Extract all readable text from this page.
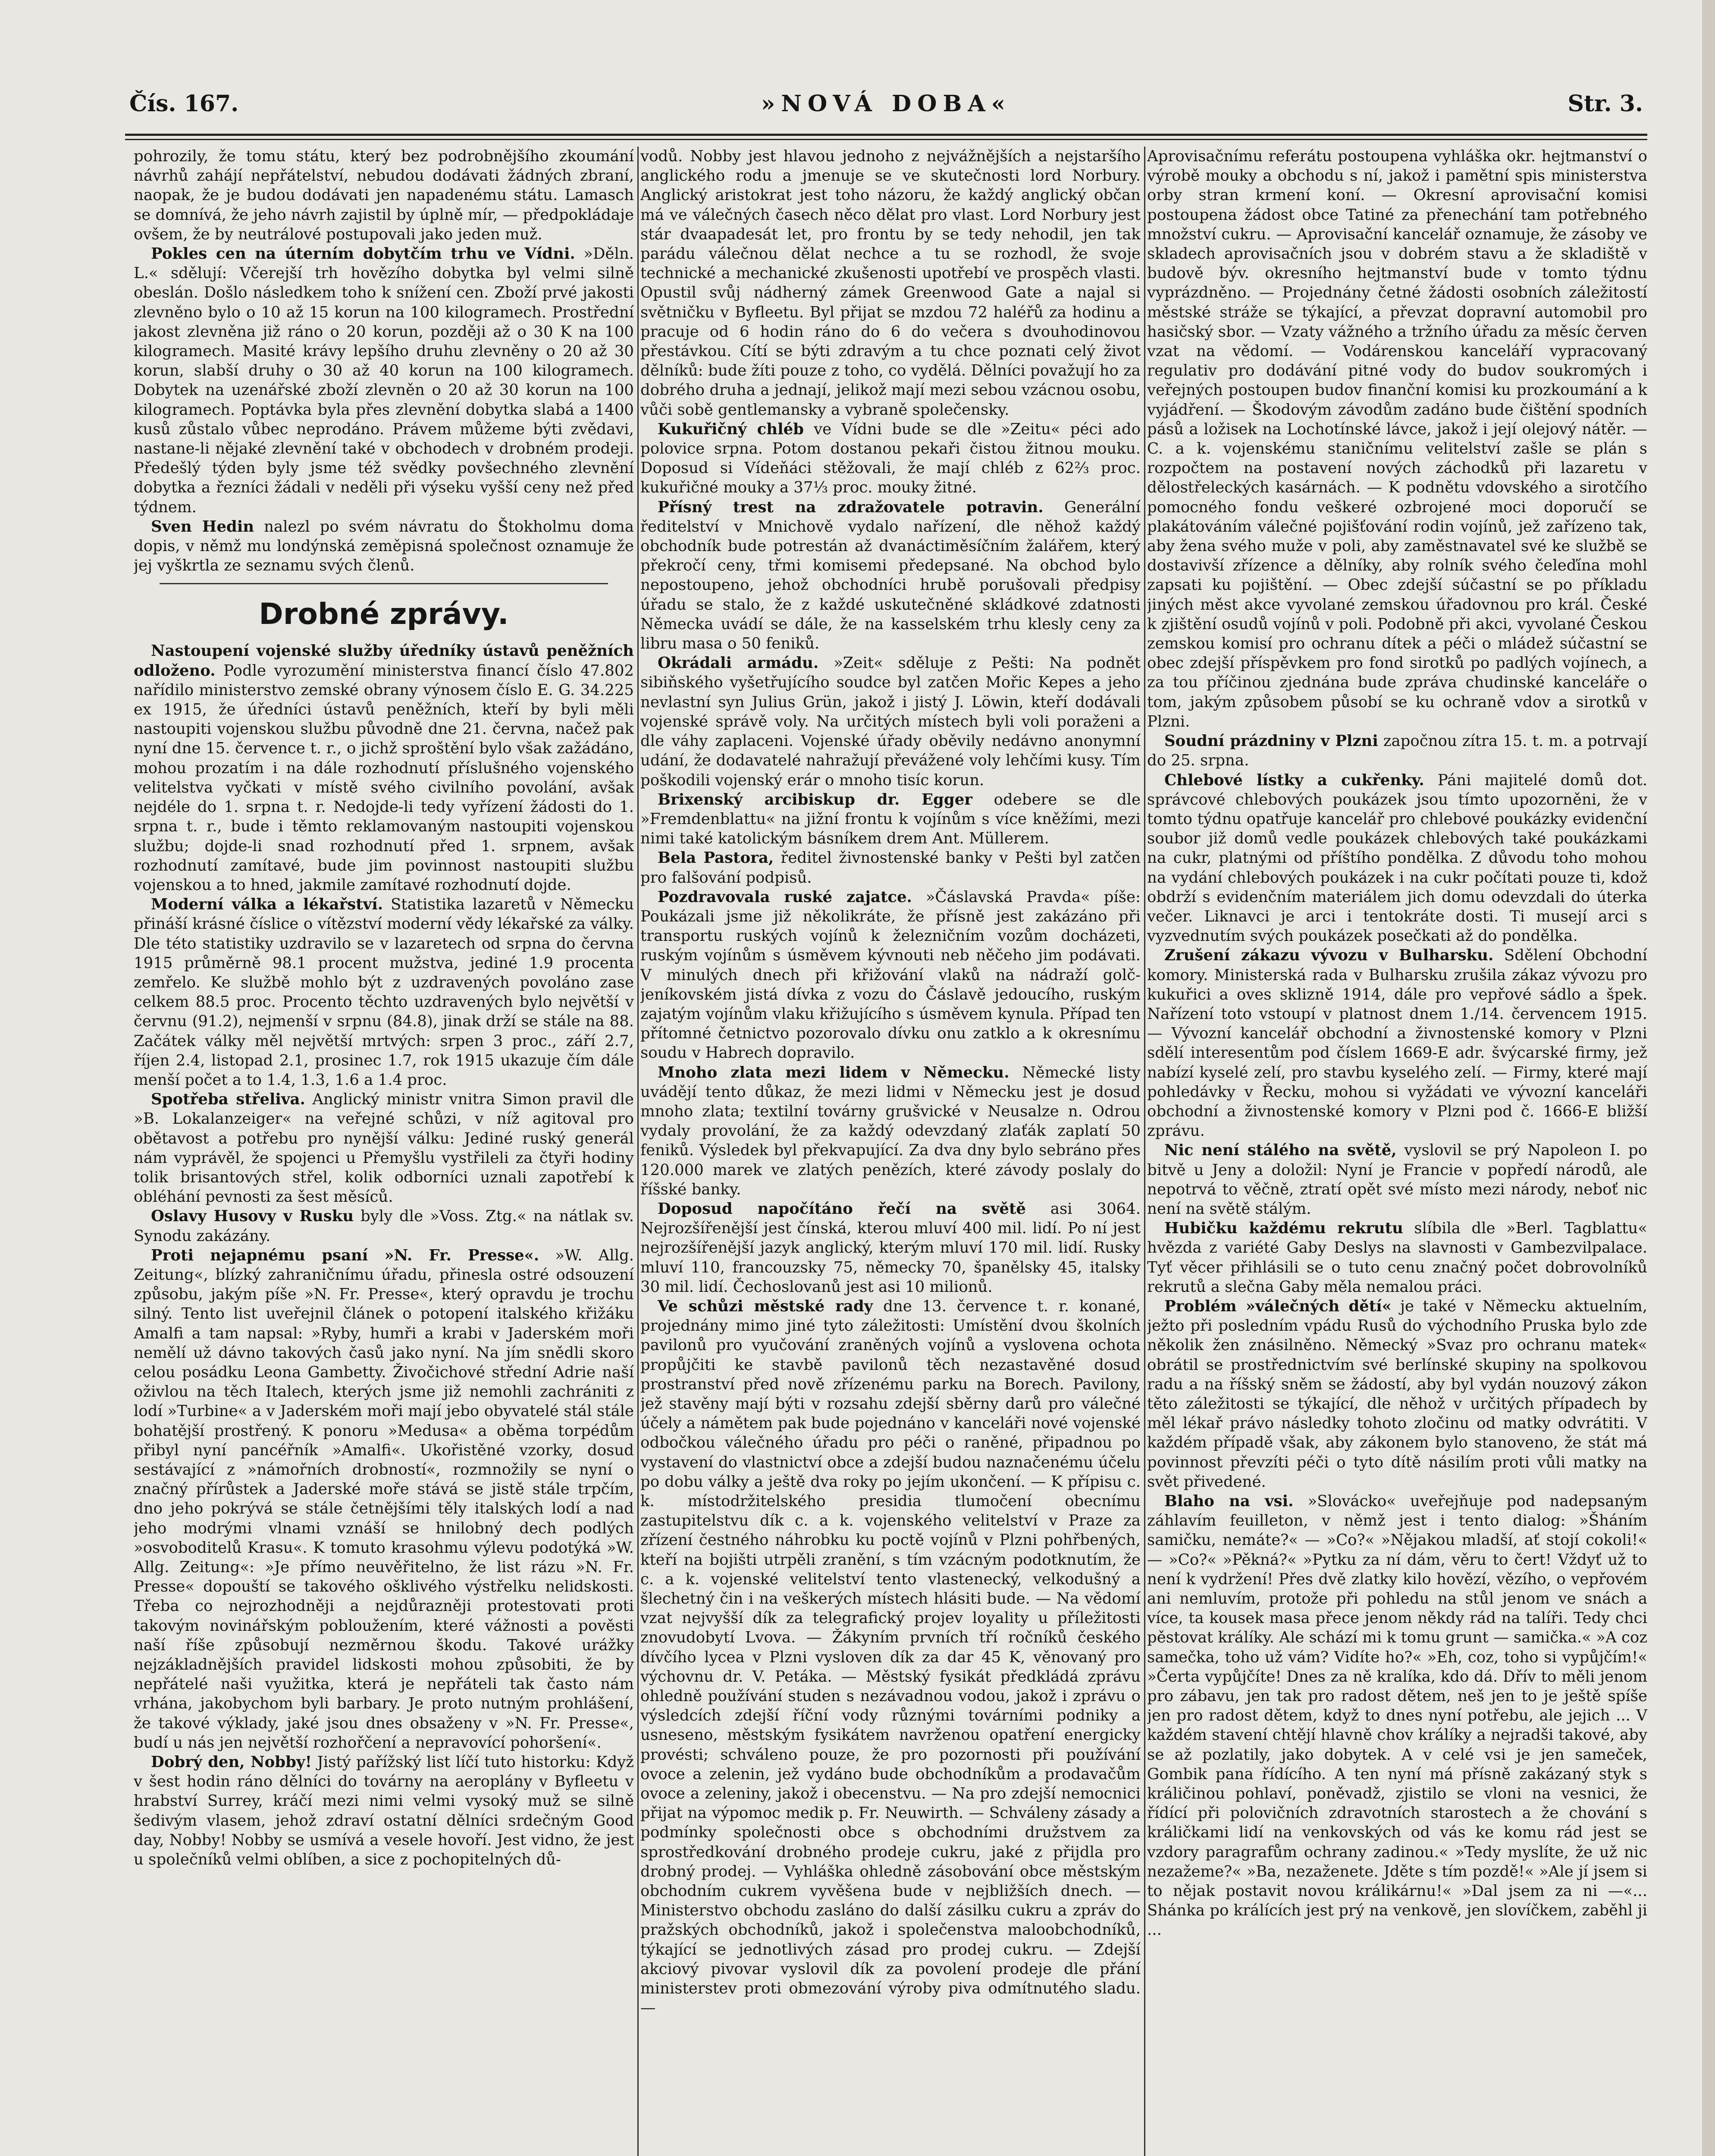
»NOVÁ DOBA«
Čís. 167.	Str. 3.

pohrozily, že tomu státu, který bez podrobnějšího zkoumání návrhů zahájí nepřátelství, nebudou dodávati žádných zbraní, naopak, že je budou dodávati jen napadenému státu. Lamasch se domnívá, že jeho návrh zajistil by úplně mír, — předpokládaje ovšem, že by neutrálové postupovali jako jeden muž.

Pokles cen na úterním dobytčím trhu ve Vídni. »Děln. L.« sdělují: Včerejší trh hovězího dobytka byl velmi silně obeslán. Došlo následkem toho k snížení cen. Zboží prvé jakosti zlevněno bylo o 10 až 15 korun na 100 kilogramech. Prostřední jakost zlevněna již ráno o 20 korun, později až o 30 K na 100 kilogramech. Masité krávy lepšího druhu zlevněny o 20 až 30 korun, slabší druhy o 30 až 40 korun na 100 kilogramech. Dobytek na uzenářské zboží zlevněn o 20 až 30 korun na 100 kilogramech. Poptávka byla přes zlevnění dobytka slabá a 1400 kusů zůstalo vůbec neprodáno. Právem můžeme býti zvědavi, nastane-li nějaké zlevnění také v obchodech v drobném prodeji. Předešlý týden byly jsme též svědky povšechného zlevnění dobytka a řezníci žádali v neděli při výseku vyšší ceny než před týdnem.

Sven Hedin nalezl po svém návratu do Štokholmu doma dopis, v němž mu londýnská zeměpisná společnost oznamuje že jej vyškrtla ze seznamu svých členů.

Drobné zprávy.

Nastoupení vojenské služby úředníky ústavů peněžních odloženo. Podle vyrozumění ministerstva financí číslo 47.802 nařídilo ministerstvo zemské obrany výnosem číslo E. G. 34.225 ex 1915, že úředníci ústavů peněžních, kteří by byli měli nastoupiti vojenskou službu původně dne 21. června, načež pak nyní dne 15. července t. r., o jichž sproštění bylo však zažádáno, mohou prozatím i na dále rozhodnutí příslušného vojenského velitelstva vyčkati v místě svého civilního povolání, avšak nejdéle do 1. srpna t. r. Nedojde-li tedy vyřízení žádosti do 1. srpna t. r., bude i těmto reklamovaným nastoupiti vojenskou službu; dojde-li snad rozhodnutí před 1. srpnem, avšak rozhodnutí zamítavé, bude jim povinnost nastoupiti službu vojenskou a to hned, jakmile zamítavé rozhodnutí dojde.

Moderní válka a lékařství. Statistika lazaretů v Německu přináší krásné číslice o vítězství moderní vědy lékařské za války. Dle této statistiky uzdravilo se v lazaretech od srpna do června 1915 průměrně 98.1 procent mužstva, jediné 1.9 procenta zemřelo. Ke službě mohlo být z uzdravených povoláno zase celkem 88.5 proc. Procento těchto uzdravených bylo největší v červnu (91.2), nejmenší v srpnu (84.8), jinak drží se stále na 88. Začátek války měl největší mrtvých: srpen 3 proc., září 2.7, říjen 2.4, listopad 2.1, prosinec 1.7, rok 1915 ukazuje čím dále menší počet a to 1.4, 1.3, 1.6 a 1.4 proc.

Spotřeba střeliva. Anglický ministr vnitra Simon pravil dle »B. Lokalanzeiger« na veřejné schůzi, v níž agitoval pro obětavost a potřebu pro nynější válku: Jediné ruský generál nám vyprávěl, že spojenci u Přemyšlu vystřileli za čtyři hodiny tolik brisantových střel, kolik odborníci uznali zapotřebí k obléhání pevnosti za šest měsíců.

Oslavy Husovy v Rusku byly dle »Voss. Ztg.« na nátlak sv. Synodu zakázány.

Proti nejapnému psaní »N. Fr. Presse«. »W. Allg. Zeitung«, blízký zahraničnímu úřadu, přinesla ostré odsouzení způsobu, jakým píše »N. Fr. Presse«, který opravdu je trochu silný. Tento list uveřejnil článek o potopení italského křižáku Amalfi a tam napsal: »Ryby, humři a krabi v Jaderském moři nemělí už dávno takových časů jako nyní. Na jím snědli skoro celou posádku Leona Gambetty. Živočichové střední Adrie naší oživlou na těch Italech, kterých jsme již nemohli zachrániti z lodí »Turbine« a v Jaderském moři mají jebo obyvatelé stál stále bohatější prostřený. K ponoru »Medusa« a oběma torpédům přibyl nyní pancéřník »Amalfi«. Ukořistěné vzorky, dosud sestávající z »námořních drobností«, rozmnožily se nyní o značný přírůstek a Jaderské moře stává se jistě stále trpčím, dno jeho pokrývá se stále četnějšími těly italských lodí a nad jeho modrými vlnami vznáší se hnilobný dech podlých »osvoboditelů Krasu«. K tomuto krasohmu výlevu podotýká »W. Allg. Zeitung«: »Je přímo neuvěřitelno, že list rázu »N. Fr. Presse« dopouští se takového ošklivého výstřelku nelidskosti. Třeba co nejrozhodněji a nejdůrazněji protestovati proti takovým novinářským pobloužením, které vážnosti a pověsti naší říše způsobují nezměrnou škodu. Takové urážky nejzákladnějších pravidel lidskosti mohou způsobiti, že by nepřátelé naši využitka, která je nepřáteli tak často nám vrhána, jakobychom byli barbary. Je proto nutným prohlášení, že takové výklady, jaké jsou dnes obsaženy v »N. Fr. Presse«, budí u nás jen největší rozhořčení a nepravovící pohoršení«.

Dobrý den, Nobby! Jistý pařížský list líčí tuto historku: Když v šest hodin ráno dělníci do továrny na aeroplány v Byfleetu v hrabství Surrey, kráčí mezi nimi velmi vysoký muž se silně šedivým vlasem, jehož zdraví ostatní dělníci srdečným Good day, Nobby! Nobby se usmívá a vesele hovoří. Jest vidno, že jest u společníků velmi oblíben, a sice z pochopitelných dů-

vodů. Nobby jest hlavou jednoho z nejvážnějších a nejstaršího anglického rodu a jmenuje se ve skutečnosti lord Norbury. Anglický aristokrat jest toho názoru, že každý anglický občan má ve válečných časech něco dělat pro vlast. Lord Norbury jest stár dvaapadesát let, pro frontu by se tedy nehodil, jen tak parádu válečnou dělat nechce a tu se rozhodl, že svoje technické a mechanické zkušenosti upotřebí ve prospěch vlasti. Opustil svůj nádherný zámek Greenwood Gate a najal si světničku v Byfleetu. Byl přijat se mzdou 72 haléřů za hodinu a pracuje od 6 hodin ráno do 6 do večera s dvouhodinovou přestávkou. Cítí se býti zdravým a tu chce poznati celý život dělníků: bude žíti pouze z toho, co vydělá. Dělníci považují ho za dobrého druha a jednají, jelikož mají mezi sebou vzácnou osobu, vůči sobě gentlemansky a vybraně společensky.

Kukuřičný chléb ve Vídni bude se dle »Zeitu« péci ado polovice srpna. Potom dostanou pekaři čistou žitnou mouku. Doposud si Vídeňáci stěžovali, že mají chléb z 62⅔ proc. kukuřičné mouky a 37⅓ proc. mouky žitné.

Přísný trest na zdražovatele potravin. Generální ředitelství v Mnichově vydalo nařízení, dle něhož každý obchodník bude potrestán až dvanáctiměsíčním žalářem, který překročí ceny, třmi komisemi předepsané. Na obchod bylo nepostoupeno, jehož obchodníci hrubě porušovali předpisy úřadu se stalo, že z každé uskutečněné skládkové zdatnosti Německa uvádí se dále, že na kasselském trhu klesly ceny za libru masa o 50 feniků.

Okrádali armádu. »Zeit« sděluje z Pešti: Na podnět sibiňského vyšetřujícího soudce byl zatčen Mořic Kepes a jeho nevlastní syn Julius Grün, jakož i jistý J. Löwin, kteří dodávali vojenské správě voly. Na určitých místech byli voli poraženi a dle váhy zaplaceni. Vojenské úřady oběvily nedávno anonymní udání, že dodavatelé nahražují převážené voly lehčími kusy. Tím poškodili vojenský erár o mnoho tisíc korun.

Brixenský arcibiskup dr. Egger odebere se dle »Fremdenblattu« na jižní frontu k vojínům s více kněžími, mezi nimi také katolickým básníkem drem Ant. Müllerem.

Bela Pastora, ředitel živnostenské banky v Pešti byl zatčen pro falšování podpisů.

Pozdravovala ruské zajatce. »Čáslavská Pravda« píše: Poukázali jsme již několikráte, že přísně jest zakázáno při transportu ruských vojínů k železničním vozům docházeti, ruským vojínům s úsměvem kývnouti neb něčeho jim podávati. V minulých dnech při křižování vlaků na nádraží golč-jeníkovském jistá dívka z vozu do Čáslavě jedoucího, ruským zajatým vojínům vlaku křižujícího s úsměvem kynula. Případ ten přítomné četnictvo pozorovalo dívku onu zatklo a k okresnímu soudu v Habrech dopravilo.

Mnoho zlata mezi lidem v Německu. Německé listy uvádějí tento důkaz, že mezi lidmi v Německu jest je dosud mnoho zlata; textilní továrny grušvické v Neusalze n. Odrou vydaly provolání, že za každý odevzdaný zlaťák zaplatí 50 feniků. Výsledek byl překvapující. Za dva dny bylo sebráno přes 120.000 marek ve zlatých penězích, které závody poslaly do říšské banky.

Doposud napočítáno řečí na světě asi 3064. Nejrozšířenější jest čínská, kterou mluví 400 mil. lidí. Po ní jest nejrozšířenější jazyk anglický, kterým mluví 170 mil. lidí. Rusky mluví 110, francouzsky 75, německy 70, španělsky 45, italsky 30 mil. lidí. Čechoslovanů jest asi 10 milionů.

Ve schůzi městské rady dne 13. července t. r. konané, projednány mimo jiné tyto záležitosti: Umístění dvou školních pavilonů pro vyučování zraněných vojínů a vyslovena ochota propůjčiti ke stavbě pavilonů těch nezastavěné dosud prostranství před nově zřízenému parku na Borech. Pavilony, jež stavěny mají býti v rozsahu zdejší sběrny darů pro válečné účely a námětem pak bude pojednáno v kanceláři nové vojenské odbočkou válečného úřadu pro péči o raněné, připadnou po vystavení do vlastnictví obce a zdejší budou naznačenému účelu po dobu války a ještě dva roky po jejím ukončení. — K přípisu c. k. místodržitelského presidia tlumočení obecnímu zastupitelstvu dík c. a k. vojenského velitelství v Praze za zřízení čestného náhrobku ku poctě vojínů v Plzni pohřbených, kteří na bojišti utrpěli zranění, s tím vzácným podotknutím, že c. a k. vojenské velitelství tento vlastenecký, velkodušný a šlechetný čin i na veškerých místech hlásiti bude. — Na vědomí vzat nejvyšší dík za telegrafický projev loyality u příležitosti znovudobytí Lvova. — Žákyním prvních tří ročníků českého dívčího lycea v Plzni vysloven dík za dar 45 K, věnovaný pro výchovnu dr. V. Petáka. — Městský fysikát předkládá zprávu ohledně používání studen s nezávadnou vodou, jakož i zprávu o výsledcích zdejší říční vody různými továrními podniky a usneseno, městským fysikátem navrženou opatření energicky provésti; schváleno pouze, že pro pozornosti při používání ovoce a zelenin, jež vydáno bude obchodníkům a prodavačům ovoce a zeleniny, jakož i obecenstvu. — Na pro zdejší nemocnici přijat na výpomoc medik p. Fr. Neuwirth. — Schváleny zásady a podmínky společnosti obce s obchodními družstvem za sprostředkování drobného prodeje cukru, jaké z přijdla pro drobný prodej. — Vyhláška ohledně zásobování obce městským obchodním cukrem vyvěšena bude v nejbližších dnech. — Ministerstvo obchodu zasláno do další zásilku cukru a zpráv do pražských obchodníků, jakož i společenstva maloobchodníků, týkající se jednotlivých zásad pro prodej cukru. — Zdejší akciový pivovar vyslovil dík za povolení prodeje dle přání ministerstev proti obmezování výroby piva odmítnutého sladu. —

Aprovisačnímu referátu postoupena vyhláška okr. hejtmanství o výrobě mouky a obchodu s ní, jakož i pamětní spis ministerstva orby stran krmení koní. — Okresní aprovisační komisi postoupena žádost obce Tatiné za přenechání tam potřebného množství cukru. — Aprovisační kancelář oznamuje, že zásoby ve skladech aprovisačních jsou v dobrém stavu a že skladiště v budově býv. okresního hejtmanství bude v tomto týdnu vyprázdněno. — Projednány četné žádosti osobních záležitostí městské stráže se týkající, a převzat dopravní automobil pro hasičský sbor. — Vzaty vážného a tržního úřadu za měsíc červen vzat na vědomí. — Vodárenskou kanceláří vypracovaný regulativ pro dodávání pitné vody do budov soukromých i veřejných postoupen budov finanční komisi ku prozkoumání a k vyjádření. — Škodovým závodům zadáno bude čištění spodních pásů a ložisek na Lochotínské lávce, jakož i její olejový nátěr. — C. a k. vojenskému staničnímu velitelství zašle se plán s rozpočtem na postavení nových záchodků při lazaretu v dělostřeleckých kasárnách. — K podnětu vdovského a sirotčího pomocného fondu veškeré ozbrojené moci doporučí se plakátováním válečné pojišťování rodin vojínů, jež zařízeno tak, aby žena svého muže v poli, aby zaměstnavatel své ke službě se dostavivší zřízence a dělníky, aby rolník svého čeleďína mohl zapsati ku pojištění. — Obec zdejší súčastní se po příkladu jiných měst akce vyvolané zemskou úřadovnou pro král. České k zjištění osudů vojínů v poli. Podobně při akci, vyvolané Českou zemskou komisí pro ochranu dítek a péči o mládež súčastní se obec zdejší příspěvkem pro fond sirotků po padlých vojínech, a za tou příčinou zjednána bude zpráva chudinské kanceláře o tom, jakým způsobem působí se ku ochraně vdov a sirotků v Plzni.

Soudní prázdniny v Plzni započnou zítra 15. t. m. a potrvají do 25. srpna.

Chlebové lístky a cukřenky. Páni majitelé domů dot. správcové chlebových poukázek jsou tímto upozorněni, že v tomto týdnu opatřuje kancelář pro chlebové poukázky evidenční soubor již domů vedle poukázek chlebových také poukázkami na cukr, platnými od příštího pondělka. Z důvodu toho mohou na vydání chlebových poukázek i na cukr počítati pouze ti, kdož obdrží s evidenčním materiálem jich domu odevzdali do úterka večer. Liknavci je arci i tentokráte dosti. Ti musejí arci s vyzvednutím svých poukázek posečkati až do pondělka.

Zrušení zákazu vývozu v Bulharsku. Sdělení Obchodní komory. Ministerská rada v Bulharsku zrušila zákaz vývozu pro kukuřici a oves sklizně 1914, dále pro vepřové sádlo a špek. Nařízení toto vstoupí v platnost dnem 1./14. červencem 1915. — Vývozní kancelář obchodní a živnostenské komory v Plzni sdělí interesentům pod číslem 1669-E adr. švýcarské firmy, jež nabízí kyselé zelí, pro stavbu kyselého zelí. — Firmy, které mají pohledávky v Řecku, mohou si vyžádati ve vývozní kanceláři obchodní a živnostenské komory v Plzni pod č. 1666-E bližší zprávu.

Nic není stálého na světě, vyslovil se prý Napoleon I. po bitvě u Jeny a doložil: Nyní je Francie v popředí národů, ale nepotrvá to věčně, ztratí opět své místo mezi národy, neboť nic není na světě stálým.

Hubičku každému rekrutu slíbila dle »Berl. Tagblattu« hvězda z variété Gaby Deslys na slavnosti v Gambezvilpalace. Tyť věcer přihlásili se o tuto cenu značný počet dobrovolníků rekrutů a slečna Gaby měla nemalou práci.

Problém »válečných dětí« je také v Německu aktuelním, ježto při posledním vpádu Rusů do východního Pruska bylo zde několik žen znásilněno. Německý »Svaz pro ochranu matek« obrátil se prostřednictvím své berlínské skupiny na spolkovou radu a na říšský sněm se žádostí, aby byl vydán nouzový zákon těto záležitosti se týkající, dle něhož v určitých případech by měl lékař právo následky tohoto zločinu od matky odvrátiti. V každém případě však, aby zákonem bylo stanoveno, že stát má povinnost převzíti péči o tyto dítě násilím proti vůli matky na svět přivedené.

Blaho na vsi. »Slovácko« uveřejňuje pod nadepsaným záhlavím feuilleton, v němž jest i tento dialog: »Šháním samičku, nemáte?« — »Co?« »Nějakou mladší, ať stojí cokoli!« — »Co?« »Pěkná?« »Pytku za ní dám, věru to čert! Vždyť už to není k vydržení! Přes dvě zlatky kilo hovězí, vězího, o vepřovém ani nemluvím, protože při pohledu na stůl jenom ve snách a více, ta kousek masa přece jenom někdy rád na talíři. Tedy chci pěstovat králíky. Ale schází mi k tomu grunt — samička.« »A coz samečka, toho už vám? Vidíte ho?« »Eh, coz, toho si vypůjčím!« »Čerta vypůjčíte! Dnes za ně kralíka, kdo dá. Dřív to měli jenom pro zábavu, jen tak pro radost dětem, neš jen to je ještě spíše jen pro radost dětem, když to dnes nyní potřebu, ale jejich ... V každém stavení chtějí hlavně chov králíky a nejradši takové, aby se až pozlatily, jako dobytek. A v celé vsi je jen sameček, Gombik pana řídícího. A ten nyní má přísně zakázaný styk s králičinou pohlaví, poněvadž, zjistilo se vloni na vesnici, že řídící při polovičních zdravotních starostech a že chování s králičkami lidí na venkovských od vás ke komu rád jest se vzdory paragrafům ochrany zadinou.« »Tedy myslíte, že už nic nezažeme?« »Ba, nezaženete. Jděte s tím pozdě!« »Ale jí jsem si to nějak postavit novou králikárnu!« »Dal jsem za ni —«... Shánka po králících jest prý na venkově, jen slovíčkem, zaběhl ji ...
